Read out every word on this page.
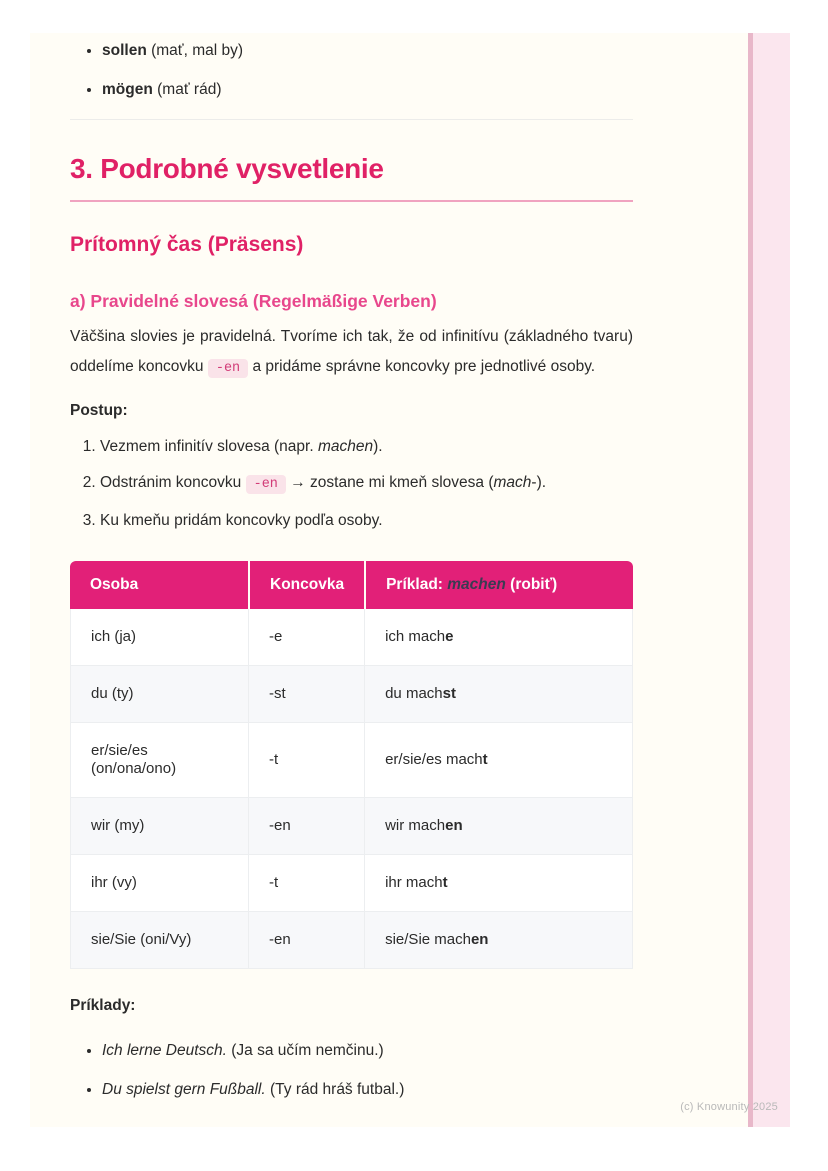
• sollen (mať, mal by)
• mögen (mať rád)
3. Podrobné vysvetlenie
Prítomný čas (Präsens)
a) Pravidelné slovesá (Regelmäßige Verben)

Väčšina slovies je pravidelná. Tvoríme ich tak, že od infinitívu (základného tvaru) oddelíme koncovku -en a pridáme správne koncovky pre jednotlivé osoby.

Postup:

1. Vezmem infinitív slovesa (napr. machen).
2. Odstránim koncovku -en → zostane mi kmeň slovesa (mach-).
3. Ku kmeňu pridám koncovky podľa osoby.
Osoba	Koncovka	Príklad: machen (robiť)
ich (ja)	-e	ich mache
du (ty)	-st	du machst
er/sie/es (on/ona/ono)	-t	er/sie/es macht
wir (my)	-en	wir machen
ihr (vy)	-t	ihr macht
sie/Sie (oni/Vy)	-en	sie/Sie machen

Príklady:

• Ich lerne Deutsch. (Ja sa učím nemčinu.)
• Du spielst gern Fußball. (Ty rád hráš futbal.)
(c) Knowunity 2025
